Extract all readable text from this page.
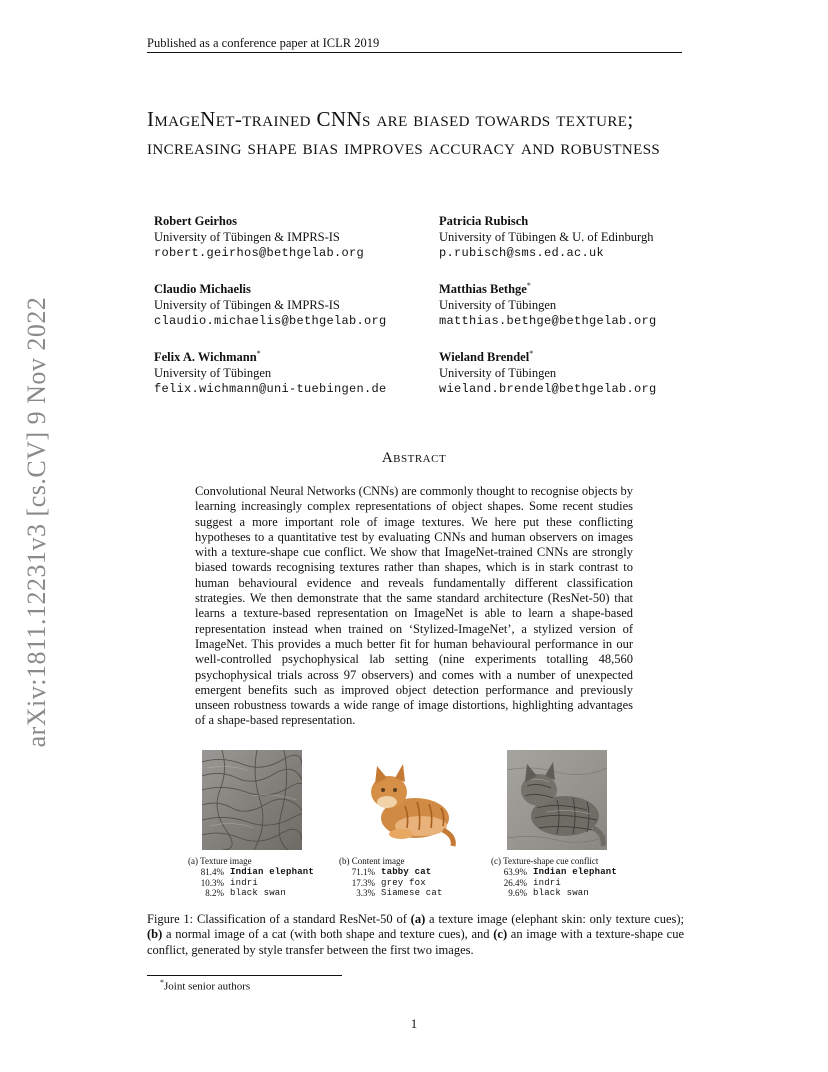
arXiv:1811.12231v3 [cs.CV] 9 Nov 2022
Published as a conference paper at ICLR 2019
ImageNet-trained CNNs are biased towards texture; increasing shape bias improves accuracy and robustness
Robert Geirhos
University of Tübingen & IMPRS-IS
robert.geirhos@bethgelab.org
Patricia Rubisch
University of Tübingen & U. of Edinburgh
p.rubisch@sms.ed.ac.uk
Claudio Michaelis
University of Tübingen & IMPRS-IS
claudio.michaelis@bethgelab.org
Matthias Bethge*
University of Tübingen
matthias.bethge@bethgelab.org
Felix A. Wichmann*
University of Tübingen
felix.wichmann@uni-tuebingen.de
Wieland Brendel*
University of Tübingen
wieland.brendel@bethgelab.org
Abstract

Convolutional Neural Networks (CNNs) are commonly thought to recognise objects by learning increasingly complex representations of object shapes. Some recent studies suggest a more important role of image textures. We here put these conflicting hypotheses to a quantitative test by evaluating CNNs and human observers on images with a texture-shape cue conflict. We show that ImageNet-trained CNNs are strongly biased towards recognising textures rather than shapes, which is in stark contrast to human behavioural evidence and reveals fundamentally different classification strategies. We then demonstrate that the same standard architecture (ResNet-50) that learns a texture-based representation on ImageNet is able to learn a shape-based representation instead when trained on ‘Stylized-ImageNet’, a stylized version of ImageNet. This provides a much better fit for human behavioural performance in our well-controlled psychophysical lab setting (nine experiments totalling 48,560 psychophysical trials across 97 observers) and comes with a number of unexpected emergent benefits such as improved object detection performance and previously unseen robustness towards a wide range of image distortions, highlighting advantages of a shape-based representation.

(a) Texture image
81.4% Indian elephant
10.3% indri
8.2% black swan
(b) Content image
71.1% tabby cat
17.3% grey fox
3.3% Siamese cat
(c) Texture-shape cue conflict
63.9% Indian elephant
26.4% indri
9.6% black swan

Figure 1: Classification of a standard ResNet-50 of (a) a texture image (elephant skin: only texture cues); (b) a normal image of a cat (with both shape and texture cues), and (c) an image with a texture-shape cue conflict, generated by style transfer between the first two images.

*Joint senior authors
1
